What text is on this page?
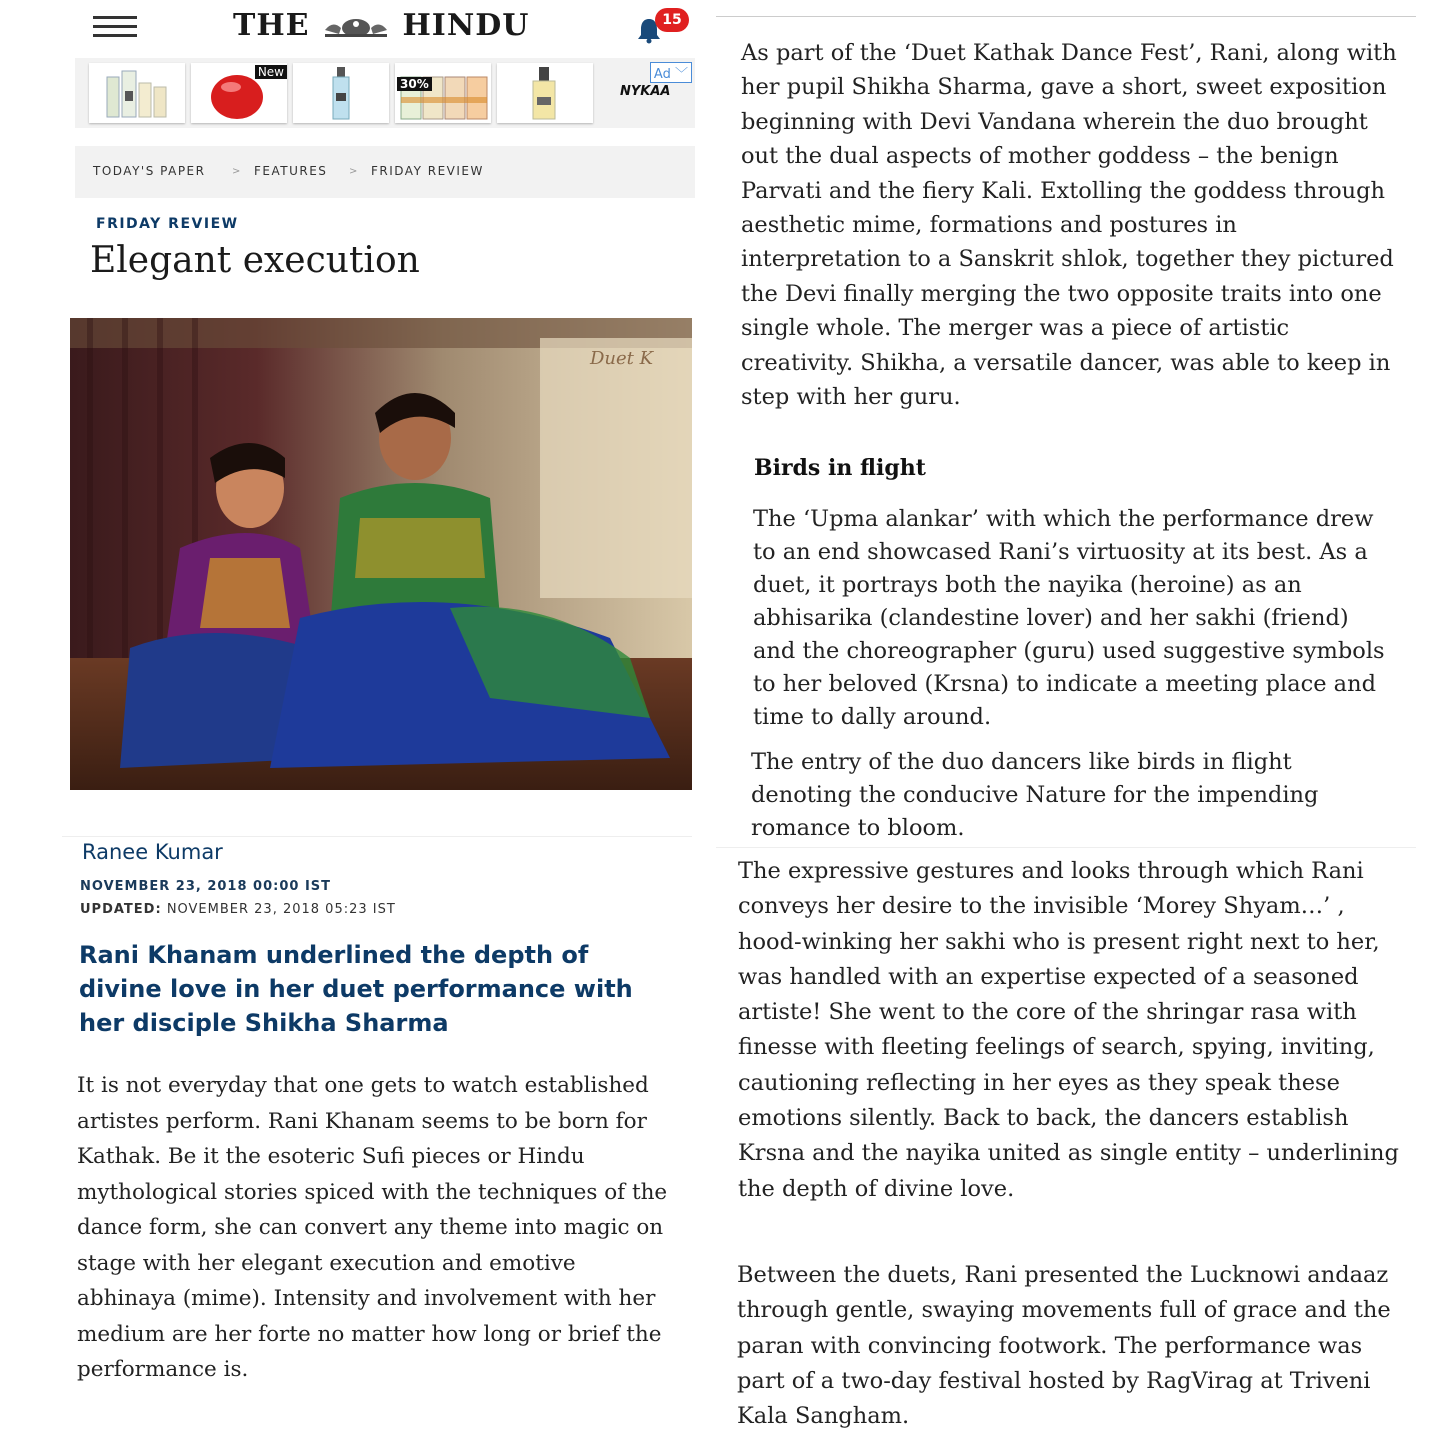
THE	HINDU	15
New
30%
Ad ﹀
NYKAA
TODAY'S PAPER	> FEATURES > FRIDAY REVIEW
FRIDAY REVIEW
Elegant execution
Duet K
Ranee Kumar
NOVEMBER 23, 2018 00:00 IST
UPDATED: NOVEMBER 23, 2018 05:23 IST

Rani Khanam underlined the depth of divine love in her duet performance with her disciple Shikha Sharma

It is not everyday that one gets to watch established artistes perform. Rani Khanam seems to be born for Kathak. Be it the esoteric Sufi pieces or Hindu mythological stories spiced with the techniques of the dance form, she can convert any theme into magic on stage with her elegant execution and emotive abhinaya (mime). Intensity and involvement with her medium are her forte no matter how long or brief the performance is.

As part of the ‘Duet Kathak Dance Fest’, Rani, along with her pupil Shikha Sharma, gave a short, sweet exposition beginning with Devi Vandana wherein the duo brought out the dual aspects of mother goddess – the benign Parvati and the fiery Kali. Extolling the goddess through aesthetic mime, formations and postures in interpretation to a Sanskrit shlok, together they pictured the Devi finally merging the two opposite traits into one single whole. The merger was a piece of artistic creativity. Shikha, a versatile dancer, was able to keep in step with her guru.

Birds in flight

The ‘Upma alankar’ with which the performance drew to an end showcased Rani’s virtuosity at its best. As a duet, it portrays both the nayika (heroine) as an abhisarika (clandestine lover) and her sakhi (friend) and the choreographer (guru) used suggestive symbols to her beloved (Krsna) to indicate a meeting place and time to dally around.

The entry of the duo dancers like birds in flight denoting the conducive Nature for the impending romance to bloom.

The expressive gestures and looks through which Rani conveys her desire to the invisible ‘Morey Shyam…’ , hood-winking her sakhi who is present right next to her, was handled with an expertise expected of a seasoned artiste! She went to the core of the shringar rasa with finesse with fleeting feelings of search, spying, inviting, cautioning reflecting in her eyes as they speak these emotions silently. Back to back, the dancers establish Krsna and the nayika united as single entity – underlining the depth of divine love.

Between the duets, Rani presented the Lucknowi andaaz through gentle, swaying movements full of grace and the paran with convincing footwork. The performance was part of a two-day festival hosted by RagVirag at Triveni Kala Sangham.
